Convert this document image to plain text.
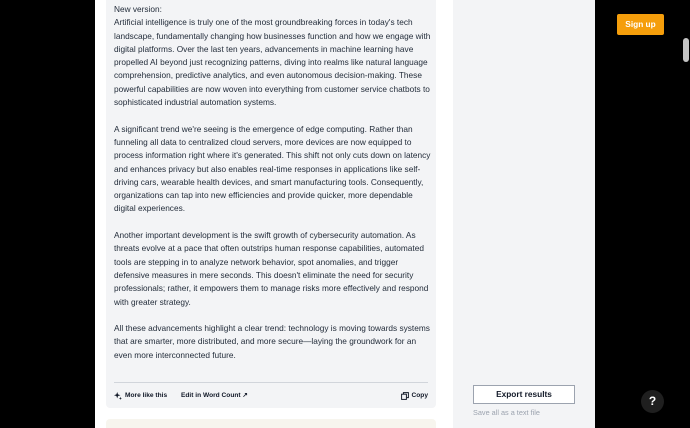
New version:
Artificial intelligence is truly one of the most groundbreaking forces in today's tech landscape, fundamentally changing how businesses function and how we engage with digital platforms. Over the last ten years, advancements in machine learning have propelled AI beyond just recognizing patterns, diving into realms like natural language comprehension, predictive analytics, and even autonomous decision-making. These powerful capabilities are now woven into everything from customer service chatbots to sophisticated industrial automation systems.

A significant trend we're seeing is the emergence of edge computing. Rather than funneling all data to centralized cloud servers, more devices are now equipped to process information right where it's generated. This shift not only cuts down on latency and enhances privacy but also enables real-time responses in applications like self-driving cars, wearable health devices, and smart manufacturing tools. Consequently, organizations can tap into new efficiencies and provide quicker, more dependable digital experiences.

Another important development is the swift growth of cybersecurity automation. As threats evolve at a pace that often outstrips human response capabilities, automated tools are stepping in to analyze network behavior, spot anomalies, and trigger defensive measures in mere seconds. This doesn't eliminate the need for security professionals; rather, it empowers them to manage risks more effectively and respond with greater strategy.

All these advancements highlight a clear trend: technology is moving towards systems that are smarter, more distributed, and more secure—laying the groundwork for an even more interconnected future.

More like this Edit in Word Count ↗	Copy	Export results
Save all as a text file
Sign up
?
